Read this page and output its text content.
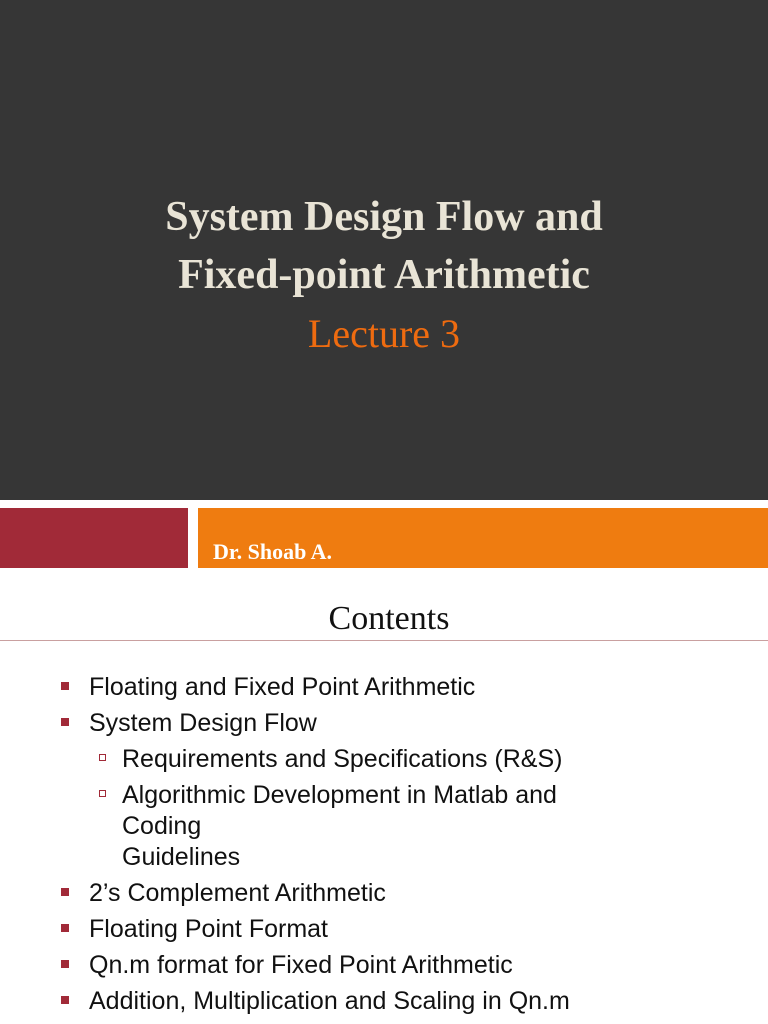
System Design Flow and
Fixed-point Arithmetic
Lecture 3
Dr. Shoab A.
Contents
Floating and Fixed Point Arithmetic
System Design Flow
Requirements and Specifications (R&S)
Algorithmic Development in Matlab and
Coding
Guidelines
2’s Complement Arithmetic
Floating Point Format
Qn.m format for Fixed Point Arithmetic
Addition, Multiplication and Scaling in Qn.m
